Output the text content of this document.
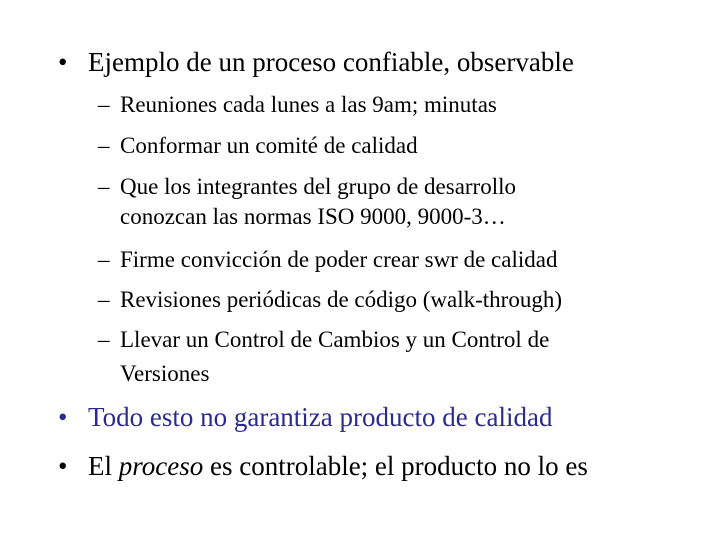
• Ejemplo de un proceso confiable, observable
– Reuniones cada lunes a las 9am; minutas
– Conformar un comité de calidad
– Que los integrantes del grupo de desarrollo
conozcan las normas ISO 9000, 9000-3…
– Firme convicción de poder crear swr de calidad
– Revisiones periódicas de código (walk-through)
– Llevar un Control de Cambios y un Control de
Versiones
• Todo esto no garantiza producto de calidad
• El proceso es controlable; el producto no lo es
